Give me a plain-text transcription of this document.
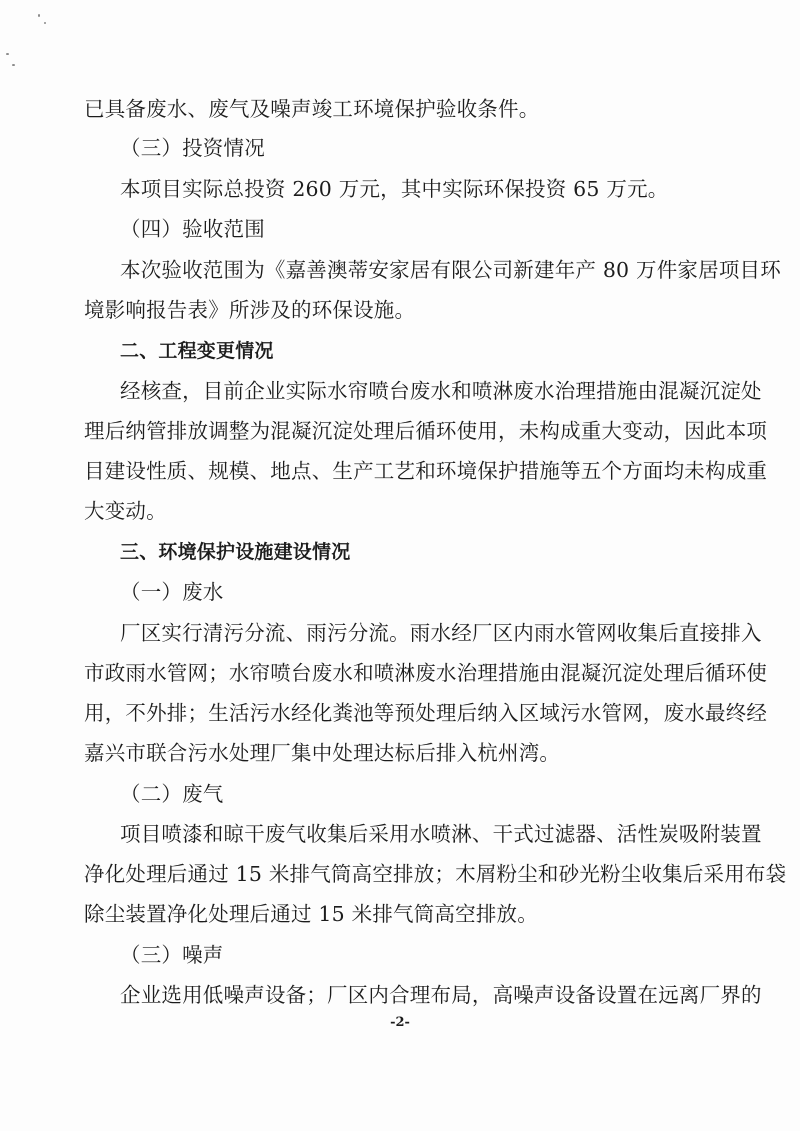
已具备废水、废气及噪声竣工环境保护验收条件。
（三）投资情况
本项目实际总投资 260 万元，其中实际环保投资 65 万元。
（四）验收范围
本次验收范围为《嘉善澳蒂安家居有限公司新建年产 80 万件家居项目环
境影响报告表》所涉及的环保设施。
二、工程变更情况
经核查，目前企业实际水帘喷台废水和喷淋废水治理措施由混凝沉淀处
理后纳管排放调整为混凝沉淀处理后循环使用，未构成重大变动，因此本项
目建设性质、规模、地点、生产工艺和环境保护措施等五个方面均未构成重
大变动。
三、环境保护设施建设情况
（一）废水
厂区实行清污分流、雨污分流。雨水经厂区内雨水管网收集后直接排入
市政雨水管网；水帘喷台废水和喷淋废水治理措施由混凝沉淀处理后循环使
用，不外排；生活污水经化粪池等预处理后纳入区域污水管网，废水最终经
嘉兴市联合污水处理厂集中处理达标后排入杭州湾。
（二）废气
项目喷漆和晾干废气收集后采用水喷淋、干式过滤器、活性炭吸附装置
净化处理后通过 15 米排气筒高空排放；木屑粉尘和砂光粉尘收集后采用布袋
除尘装置净化处理后通过 15 米排气筒高空排放。
（三）噪声
企业选用低噪声设备；厂区内合理布局，高噪声设备设置在远离厂界的
-2-
